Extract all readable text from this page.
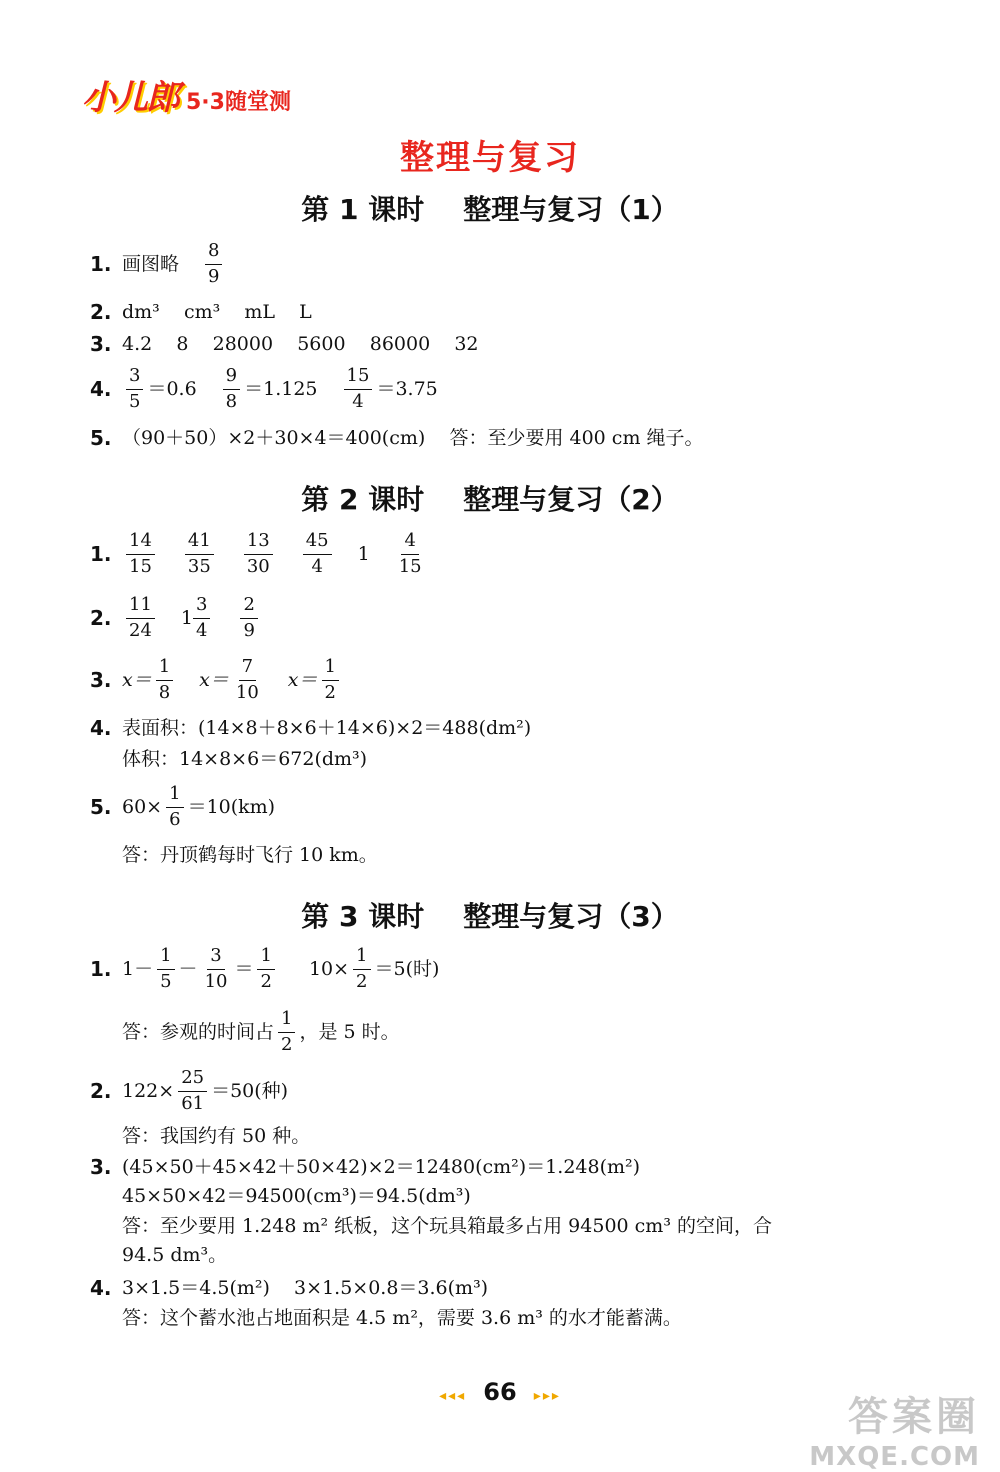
小儿郎 5·3随堂测
整理与复习
第 1 课时    整理与复习（1）
1. 画图略 $\frac{8}{9}$
2. dm³    cm³    mL    L
3. 4.2    8    28000    5600    86000    32
4. $\frac{3}{5} =0.6 \frac{9}{8} =1.125 \frac{15}{4} =3.75$
5. （90＋50）×2＋30×4＝400(cm)    答：至少要用 400 cm 绳子。
第 2 课时    整理与复习（2）
1. $\frac{14}{15} \frac{41}{35} \frac{13}{30} \frac{45}{4} 1 \frac{4}{15}$
2. $\frac{11}{24} 1 \frac{3}{4} \frac{2}{9}$
3. $x= \frac{1}{8} x= \frac{7}{10} x= \frac{1}{2}$
4. 表面积：(14×8＋8×6＋14×6)×2＝488(dm²)
体积：14×8×6＝672(dm³)
5. $60\times \frac{1}{6} =10(km)$
答：丹顶鹤每时飞行 10 km。
第 3 课时    整理与复习（3）
1. $1- \frac{1}{5} - \frac{3}{10} = \frac{1}{2} 10\times \frac{1}{2} =5$(时)
答：参观的时间占 $\frac{1}{2}$ ，是 5 时。
2. $122\times \frac{25}{61} =50$(种)
答：我国约有 50 种。
3. (45×50＋45×42＋50×42)×2＝12480(cm²)＝1.248(m²)
45×50×42＝94500(cm³)＝94.5(dm³)
答：至少要用 1.248 m² 纸板，这个玩具箱最多占用 94500 cm³ 的空间，合
94.5 dm³。
4. 3×1.5＝4.5(m²)    3×1.5×0.8＝3.6(m³)
答：这个蓄水池占地面积是 4.5 m²，需要 3.6 m³ 的水才能蓄满。
◂◂◂ 66 ▸▸▸	答案圈
MXQE.COM
